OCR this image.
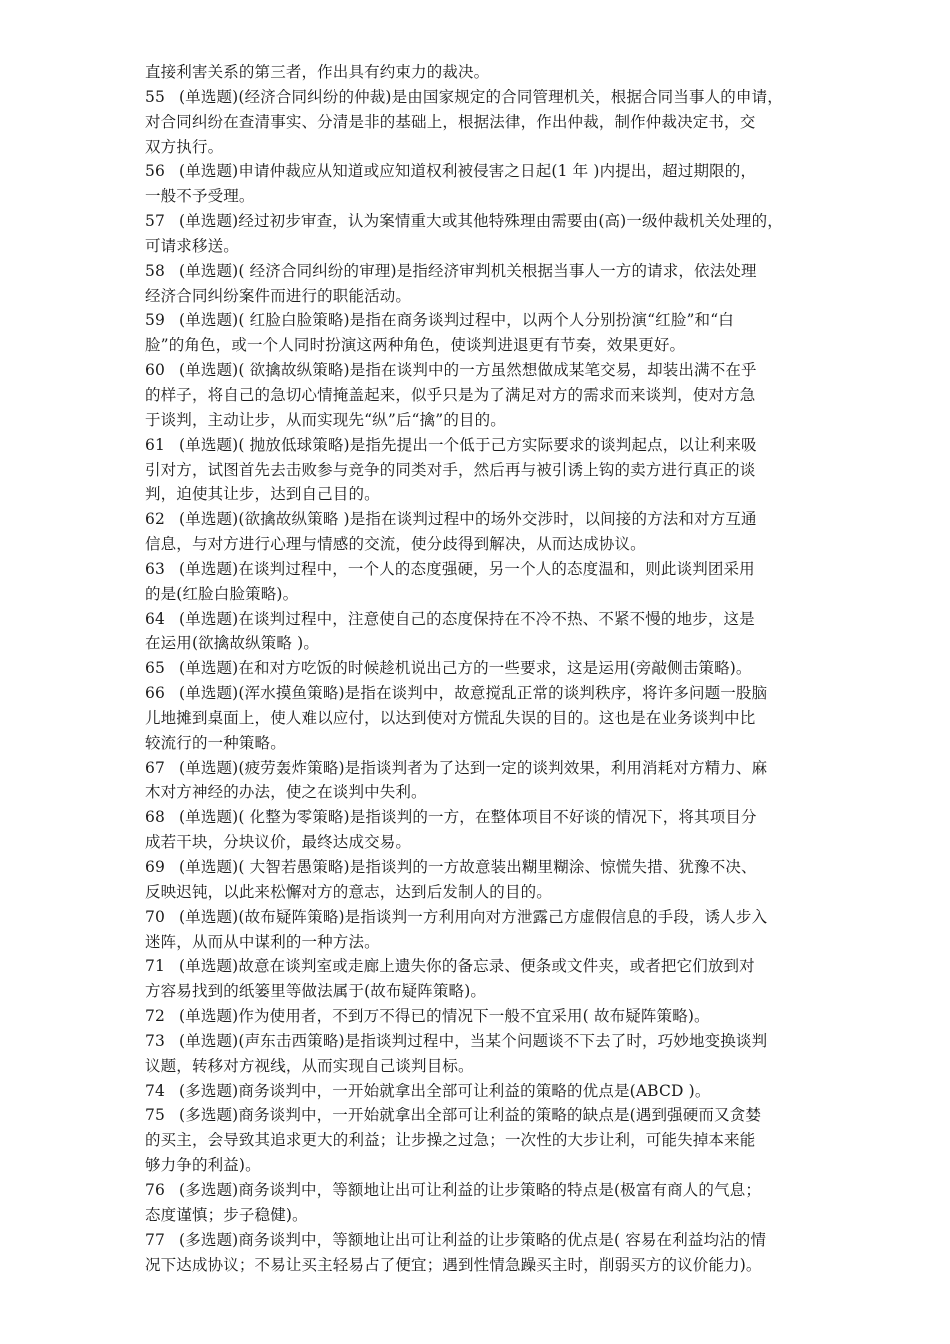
直接利害关系的第三者，作出具有约束力的裁决。
55 (单选题)(经济合同纠纷的仲裁)是由国家规定的合同管理机关，根据合同当事人的申请，
对合同纠纷在查清事实、分清是非的基础上，根据法律，作出仲裁，制作仲裁决定书，交
双方执行。
56 (单选题)申请仲裁应从知道或应知道权利被侵害之日起(1 年 )内提出，超过期限的，
一般不予受理。
57 (单选题)经过初步审查，认为案情重大或其他特殊理由需要由(高)一级仲裁机关处理的，
可请求移送。
58 (单选题)( 经济合同纠纷的审理)是指经济审判机关根据当事人一方的请求，依法处理
经济合同纠纷案件而进行的职能活动。
59 (单选题)( 红脸白脸策略)是指在商务谈判过程中，以两个人分别扮演“红脸”和“白
脸”的角色，或一个人同时扮演这两种角色，使谈判进退更有节奏，效果更好。
60 (单选题)( 欲擒故纵策略)是指在谈判中的一方虽然想做成某笔交易，却装出满不在乎
的样子，将自己的急切心情掩盖起来，似乎只是为了满足对方的需求而来谈判，使对方急
于谈判，主动让步，从而实现先“纵”后“擒”的目的。
61 (单选题)( 抛放低球策略)是指先提出一个低于己方实际要求的谈判起点，以让利来吸
引对方，试图首先去击败参与竞争的同类对手，然后再与被引诱上钩的卖方进行真正的谈
判，迫使其让步，达到自己目的。
62 (单选题)(欲擒故纵策略 )是指在谈判过程中的场外交涉时，以间接的方法和对方互通
信息，与对方进行心理与情感的交流，使分歧得到解决，从而达成协议。
63 (单选题)在谈判过程中，一个人的态度强硬，另一个人的态度温和，则此谈判团采用
的是(红脸白脸策略)。
64 (单选题)在谈判过程中，注意使自己的态度保持在不冷不热、不紧不慢的地步，这是
在运用(欲擒故纵策略 )。
65 (单选题)在和对方吃饭的时候趁机说出己方的一些要求，这是运用(旁敲侧击策略)。
66 (单选题)(浑水摸鱼策略)是指在谈判中，故意搅乱正常的谈判秩序，将许多问题一股脑
儿地摊到桌面上，使人难以应付，以达到使对方慌乱失误的目的。这也是在业务谈判中比
较流行的一种策略。
67 (单选题)(疲劳轰炸策略)是指谈判者为了达到一定的谈判效果，利用消耗对方精力、麻
木对方神经的办法，使之在谈判中失利。
68 (单选题)( 化整为零策略)是指谈判的一方，在整体项目不好谈的情况下，将其项目分
成若干块，分块议价，最终达成交易。
69 (单选题)( 大智若愚策略)是指谈判的一方故意装出糊里糊涂、惊慌失措、犹豫不决、
反映迟钝，以此来松懈对方的意志，达到后发制人的目的。
70 (单选题)(故布疑阵策略)是指谈判一方利用向对方泄露己方虚假信息的手段，诱人步入
迷阵，从而从中谋利的一种方法。
71 (单选题)故意在谈判室或走廊上遗失你的备忘录、便条或文件夹，或者把它们放到对
方容易找到的纸篓里等做法属于(故布疑阵策略)。
72 (单选题)作为使用者，不到万不得已的情况下一般不宜采用( 故布疑阵策略)。
73 (单选题)(声东击西策略)是指谈判过程中，当某个问题谈不下去了时，巧妙地变换谈判
议题，转移对方视线，从而实现自己谈判目标。
74 (多选题)商务谈判中，一开始就拿出全部可让利益的策略的优点是(ABCD )。
75 (多选题)商务谈判中，一开始就拿出全部可让利益的策略的缺点是(遇到强硬而又贪婪
的买主，会导致其追求更大的利益；让步操之过急；一次性的大步让利，可能失掉本来能
够力争的利益)。
76 (多选题)商务谈判中，等额地让出可让利益的让步策略的特点是(极富有商人的气息；
态度谨慎；步子稳健)。
77 (多选题)商务谈判中，等额地让出可让利益的让步策略的优点是( 容易在利益均沾的情
况下达成协议；不易让买主轻易占了便宜；遇到性情急躁买主时，削弱买方的议价能力)。
